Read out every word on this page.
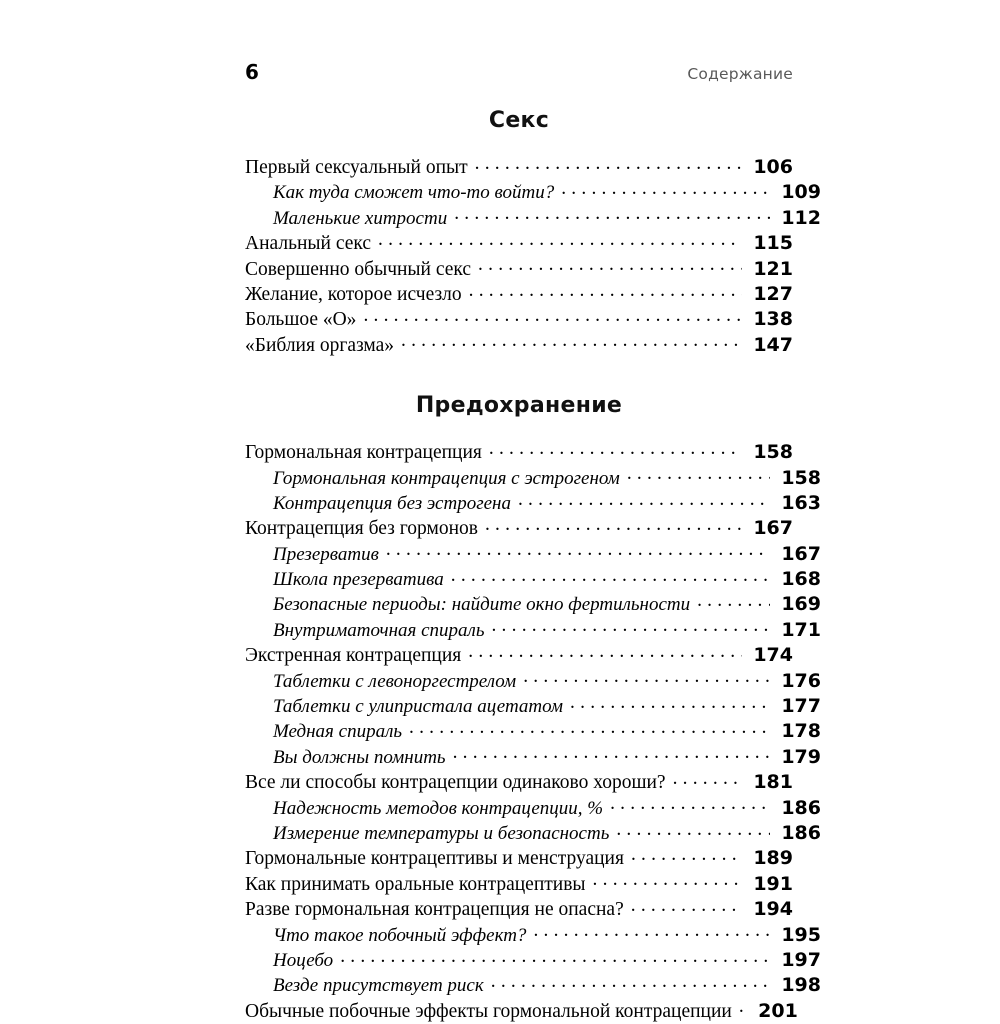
6	Содержание
Секс
Первый сексуальный опыт .....	106
Как туда сможет что-то войти? .....	109
Маленькие хитрости .....	112
Анальный секс .....	115
Совершенно обычный секс .....	121
Желание, которое исчезло .....	127
Большое «О» .....	138
«Библия оргазма» .....	147
Предохранение
Гормональная контрацепция .....	158
Гормональная контрацепция с эстрогеном .....	158
Контрацепция без эстрогена .....	163
Контрацепция без гормонов .....	167
Презерватив .....	167
Школа презерватива .....	168
Безопасные периоды: найдите окно фертильности .....	169
Внутриматочная спираль .....	171
Экстренная контрацепция .....	174
Таблетки с левоноргестрелом .....	176
Таблетки с улипристала ацетатом .....	177
Медная спираль .....	178
Вы должны помнить .....	179
Все ли способы контрацепции одинаково хороши? .....	181
Надежность методов контрацепции, % .....	186
Измерение температуры и безопасность .....	186
Гормональные контрацептивы и менструация .....	189
Как принимать оральные контрацептивы .....	191
Разве гормональная контрацепция не опасна? .....	194
Что такое побочный эффект? .....	195
Ноцебо .....	197
Везде присутствует риск .....	198
Обычные побочные эффекты гормональной контрацепции .....	201
